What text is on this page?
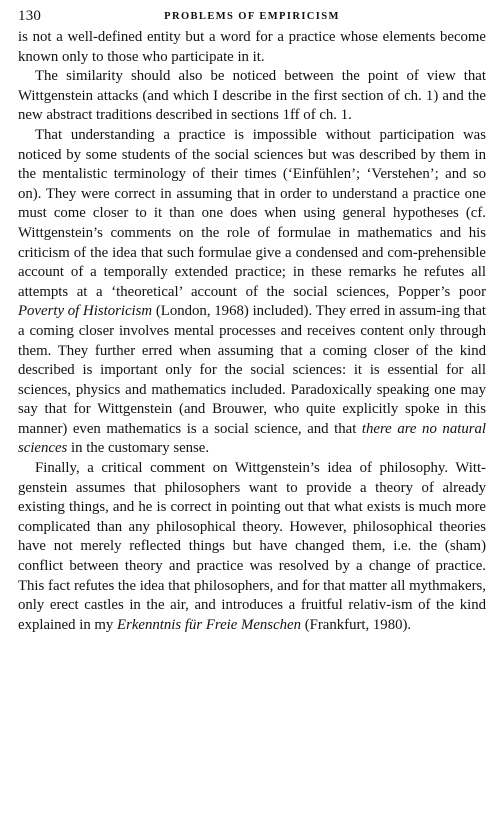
130	PROBLEMS OF EMPIRICISM

is not a well-defined entity but a word for a practice whose elements become known only to those who participate in it.

The similarity should also be noticed between the point of view that Wittgenstein attacks (and which I describe in the first section of ch. 1) and the new abstract traditions described in sections 1ff of ch. 1.

That understanding a practice is impossible without participation was noticed by some students of the social sciences but was described by them in the mentalistic terminology of their times (‘Einfühlen’; ‘Verstehen’; and so on). They were correct in assuming that in order to understand a practice one must come closer to it than one does when using general hypotheses (cf. Wittgenstein’s comments on the role of formulae in mathematics and his criticism of the idea that such formulae give a condensed and com-prehensible account of a temporally extended practice; in these remarks he refutes all attempts at a ‘theoretical’ account of the social sciences, Popper’s poor Poverty of Historicism (London, 1968) included). They erred in assum-ing that a coming closer involves mental processes and receives content only through them. They further erred when assuming that a coming closer of the kind described is important only for the social sciences: it is essential for all sciences, physics and mathematics included. Paradoxically speaking one may say that for Wittgenstein (and Brouwer, who quite explicitly spoke in this manner) even mathematics is a social science, and that there are no natural sciences in the customary sense.

Finally, a critical comment on Wittgenstein’s idea of philosophy. Witt-genstein assumes that philosophers want to provide a theory of already existing things, and he is correct in pointing out that what exists is much more complicated than any philosophical theory. However, philosophical theories have not merely reflected things but have changed them, i.e. the (sham) conflict between theory and practice was resolved by a change of practice. This fact refutes the idea that philosophers, and for that matter all mythmakers, only erect castles in the air, and introduces a fruitful relativ-ism of the kind explained in my Erkenntnis für Freie Menschen (Frankfurt, 1980).
